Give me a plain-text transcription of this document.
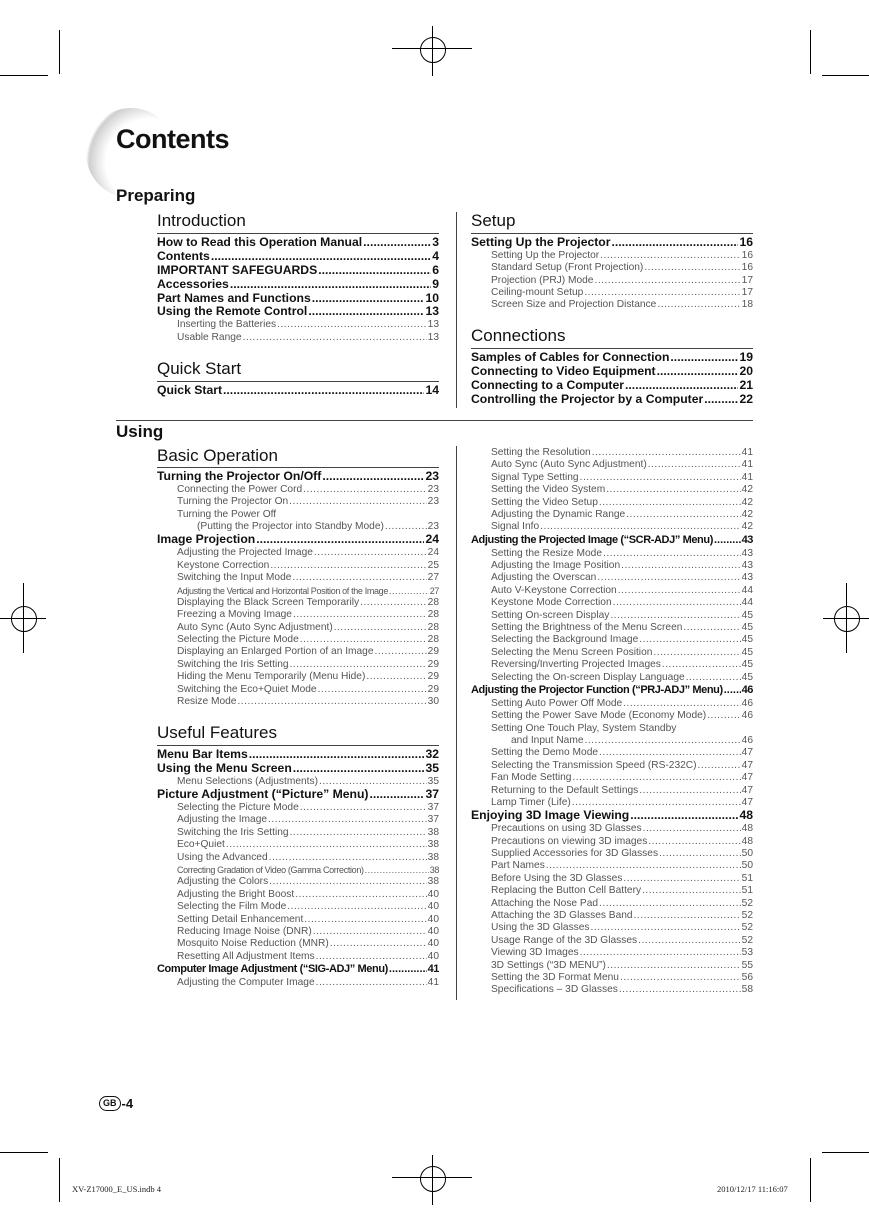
Contents
Preparing
Introduction
How to Read this Operation Manual .....	3
Contents .....	4
IMPORTANT SAFEGUARDS .....	6
Accessories .....	9
Part Names and Functions .....	10
Using the Remote Control .....	13
Inserting the Batteries .....	13
Usable Range .....	13
Quick Start
Quick Start .....	14
Setup
Setting Up the Projector .....	16
Setting Up the Projector .....	16
Standard Setup (Front Projection) .....	16
Projection (PRJ) Mode .....	17
Ceiling-mount Setup .....	17
Screen Size and Projection Distance .....	18
Connections
Samples of Cables for Connection .....	19
Connecting to Video Equipment .....	20
Connecting to a Computer .....	21
Controlling the Projector by a Computer .....	22
Using
Basic Operation
Turning the Projector On/Off .....	23
Connecting the Power Cord .....	23
Turning the Projector On .....	23
Turning the Power Off
(Putting the Projector into Standby Mode) .....	23
Image Projection .....	24
Adjusting the Projected Image .....	24
Keystone Correction .....	25
Switching the Input Mode .....	27
Adjusting the Vertical and Horizontal Position of the Image .....	27
Displaying the Black Screen Temporarily .....	28
Freezing a Moving Image .....	28
Auto Sync (Auto Sync Adjustment) .....	28
Selecting the Picture Mode .....	28
Displaying an Enlarged Portion of an Image .....	29
Switching the Iris Setting .....	29
Hiding the Menu Temporarily (Menu Hide) .....	29
Switching the Eco+Quiet Mode .....	29
Resize Mode .....	30
Useful Features
Menu Bar Items .....	32
Using the Menu Screen .....	35
Menu Selections (Adjustments) .....	35
Picture Adjustment (“Picture” Menu) .....	37
Selecting the Picture Mode .....	37
Adjusting the Image .....	37
Switching the Iris Setting .....	38
Eco+Quiet .....	38
Using the Advanced .....	38
Correcting Gradation of Video (Gamma Correction) .....	38
Adjusting the Colors .....	38
Adjusting the Bright Boost .....	40
Selecting the Film Mode .....	40
Setting Detail Enhancement .....	40
Reducing Image Noise (DNR) .....	40
Mosquito Noise Reduction (MNR) .....	40
Resetting All Adjustment Items .....	40
Computer Image Adjustment (“SIG-ADJ” Menu) .....	41
Adjusting the Computer Image .....	41
Setting the Resolution .....	41
Auto Sync (Auto Sync Adjustment) .....	41
Signal Type Setting .....	41
Setting the Video System .....	42
Setting the Video Setup .....	42
Adjusting the Dynamic Range .....	42
Signal Info .....	42
Adjusting the Projected Image (“SCR-ADJ” Menu) .....	43
Setting the Resize Mode .....	43
Adjusting the Image Position .....	43
Adjusting the Overscan .....	43
Auto V-Keystone Correction .....	44
Keystone Mode Correction .....	44
Setting On-screen Display .....	45
Setting the Brightness of the Menu Screen .....	45
Selecting the Background Image .....	45
Selecting the Menu Screen Position .....	45
Reversing/Inverting Projected Images .....	45
Selecting the On-screen Display Language .....	45
Adjusting the Projector Function (“PRJ-ADJ” Menu) ..... 46
Setting Auto Power Off Mode .....	46
Setting the Power Save Mode (Economy Mode) .....	46
Setting One Touch Play, System Standby
and Input Name .....	46
Setting the Demo Mode .....	47
Selecting the Transmission Speed (RS-232C) .....	47
Fan Mode Setting .....	47
Returning to the Default Settings .....	47
Lamp Timer (Life) .....	47
Enjoying 3D Image Viewing .....	48
Precautions on using 3D Glasses .....	48
Precautions on viewing 3D images .....	48
Supplied Accessories for 3D Glasses .....	50
Part Names .....	50
Before Using the 3D Glasses .....	51
Replacing the Button Cell Battery .....	51
Attaching the Nose Pad .....	52
Attaching the 3D Glasses Band .....	52
Using the 3D Glasses .....	52
Usage Range of the 3D Glasses .....	52
Viewing 3D Images .....	53
3D Settings (“3D MENU”) .....	55
Setting the 3D Format Menu .....	56
Specifications – 3D Glasses .....	58
GB -4
XV-Z17000_E_US.indb 4	2010/12/17 11:16:07
